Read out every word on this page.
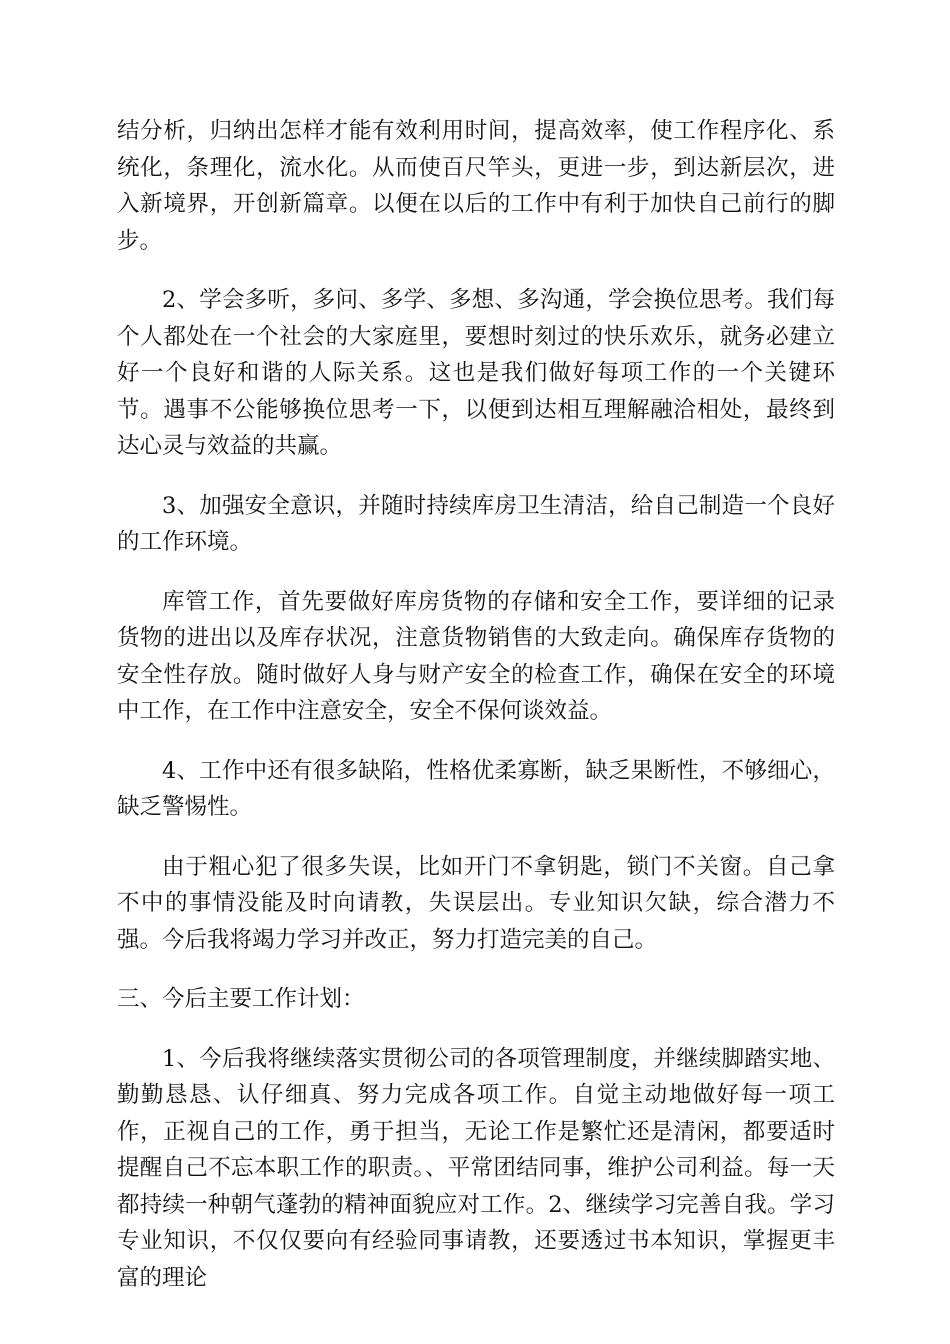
结分析，归纳出怎样才能有效利用时间，提高效率，使工作程序化、系统化，条理化，流水化。从而使百尺竿头，更进一步，到达新层次，进入新境界，开创新篇章。以便在以后的工作中有利于加快自己前行的脚步。

2、学会多听，多问、多学、多想、多沟通，学会换位思考。我们每个人都处在一个社会的大家庭里，要想时刻过的快乐欢乐，就务必建立好一个良好和谐的人际关系。这也是我们做好每项工作的一个关键环节。遇事不公能够换位思考一下，以便到达相互理解融洽相处，最终到达心灵与效益的共赢。

3、加强安全意识，并随时持续库房卫生清洁，给自己制造一个良好的工作环境。

库管工作，首先要做好库房货物的存储和安全工作，要详细的记录货物的进出以及库存状况，注意货物销售的大致走向。确保库存货物的安全性存放。随时做好人身与财产安全的检查工作，确保在安全的环境中工作，在工作中注意安全，安全不保何谈效益。

4、工作中还有很多缺陷，性格优柔寡断，缺乏果断性，不够细心，缺乏警惕性。

由于粗心犯了很多失误，比如开门不拿钥匙，锁门不关窗。自己拿不中的事情没能及时向请教，失误层出。专业知识欠缺，综合潜力不强。今后我将竭力学习并改正，努力打造完美的自己。

三、今后主要工作计划：

1、今后我将继续落实贯彻公司的各项管理制度，并继续脚踏实地、勤勤恳恳、认仔细真、努力完成各项工作。自觉主动地做好每一项工作，正视自己的工作，勇于担当，无论工作是繁忙还是清闲，都要适时提醒自己不忘本职工作的职责。、平常团结同事，维护公司利益。每一天都持续一种朝气蓬勃的精神面貌应对工作。2、继续学习完善自我。学习专业知识，不仅仅要向有经验同事请教，还要透过书本知识，掌握更丰富的理论
